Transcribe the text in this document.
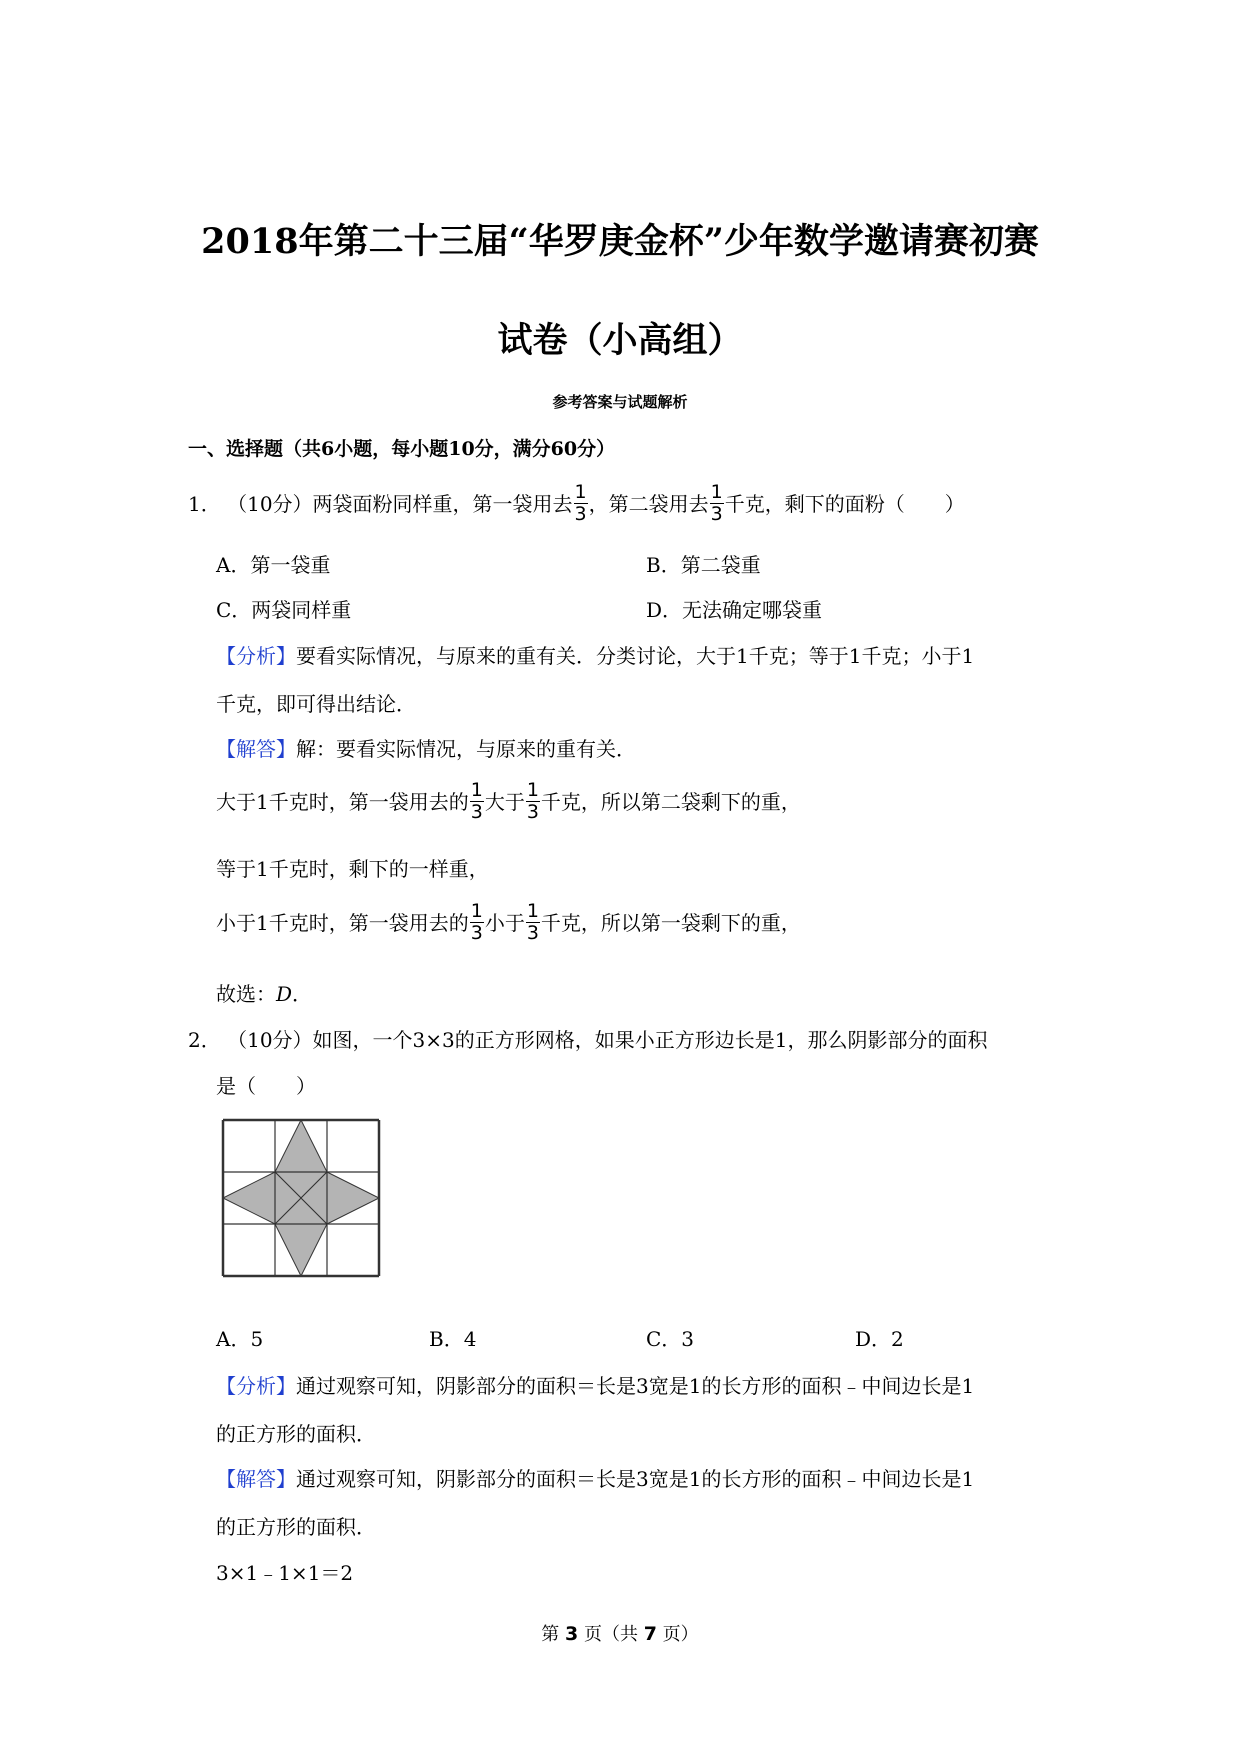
2018年第二十三届“华罗庚金杯”少年数学邀请赛初赛
试卷（小高组）
参考答案与试题解析
一、选择题（共6小题，每小题10分，满分60分）
1． （10分）两袋面粉同样重，第一袋用去 $\frac{1}{3}$ ，第二袋用去 $\frac{1}{3}$ 千克，剩下的面粉（　　）
A．第一袋重	B．第二袋重
C．两袋同样重	D．无法确定哪袋重
【分析】要看实际情况，与原来的重有关．分类讨论，大于1千克；等于1千克；小于1
千克，即可得出结论．
【解答】解：要看实际情况，与原来的重有关．
大于1千克时，第一袋用去的 $\frac{1}{3}$ 大于 $\frac{1}{3}$ 千克，所以第二袋剩下的重，
等于1千克时，剩下的一样重，
小于1千克时，第一袋用去的 $\frac{1}{3}$ 小于 $\frac{1}{3}$ 千克，所以第一袋剩下的重，
故选：D．
2． （10分）如图，一个3×3的正方形网格，如果小正方形边长是1，那么阴影部分的面积
是（　　）
A．5	B．4	C．3	D．2
【分析】通过观察可知，阴影部分的面积＝长是3宽是1的长方形的面积﹣中间边长是1
的正方形的面积．
【解答】通过观察可知，阴影部分的面积＝长是3宽是1的长方形的面积﹣中间边长是1
的正方形的面积．
3×1﹣1×1＝2
第 3 页（共 7 页）
